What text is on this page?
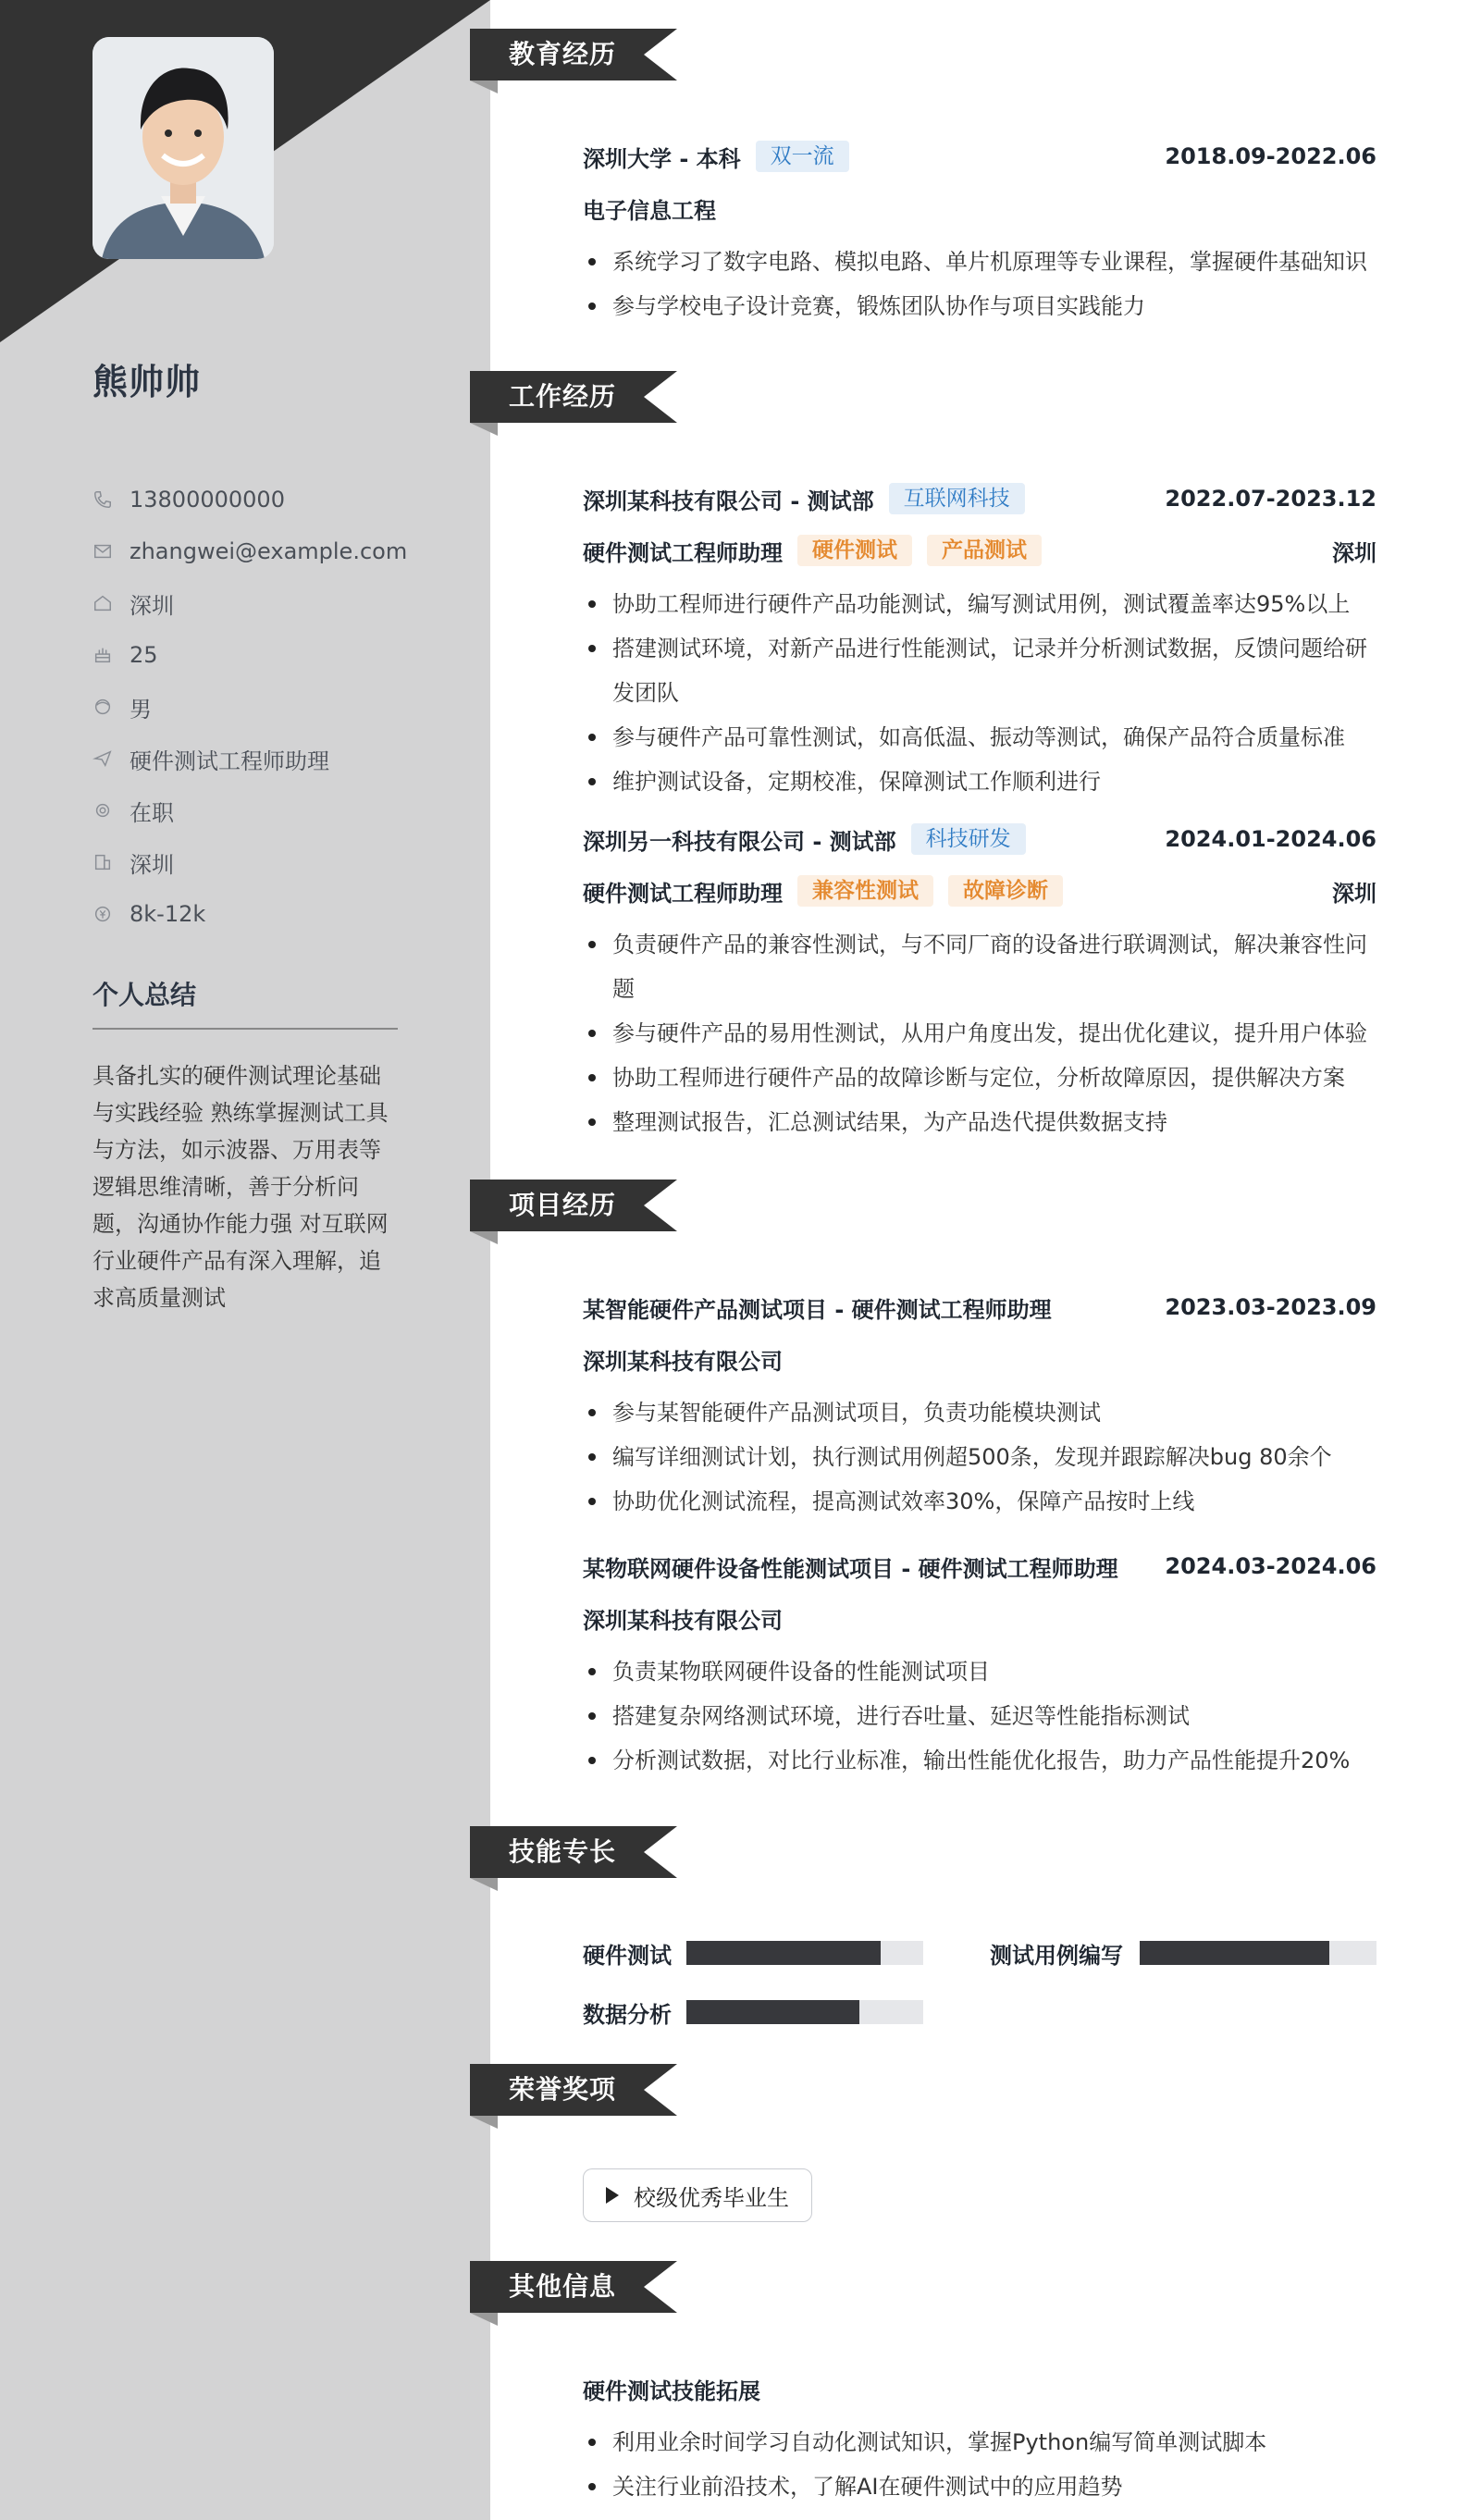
熊帅帅
13800000000
zhangwei@example.com
深圳
25
男
硬件测试工程师助理
在职
深圳
8k-12k
个人总结
具备扎实的硬件测试理论基础与实践经验 熟练掌握测试工具与方法，如示波器、万用表等 逻辑思维清晰，善于分析问题，沟通协作能力强 对互联网行业硬件产品有深入理解，追求高质量测试
教育经历
深圳大学 - 本科	双一流	2018.09-2022.06
电子信息工程
系统学习了数字电路、模拟电路、单片机原理等专业课程，掌握硬件基础知识
参与学校电子设计竞赛，锻炼团队协作与项目实践能力
工作经历
深圳某科技有限公司 - 测试部	互联网科技	2022.07-2023.12
硬件测试工程师助理	硬件测试	产品测试	深圳
协助工程师进行硬件产品功能测试，编写测试用例，测试覆盖率达95%以上
搭建测试环境，对新产品进行性能测试，记录并分析测试数据，反馈问题给研发团队
参与硬件产品可靠性测试，如高低温、振动等测试，确保产品符合质量标准
维护测试设备，定期校准，保障测试工作顺利进行
深圳另一科技有限公司 - 测试部	科技研发	2024.01-2024.06
硬件测试工程师助理	兼容性测试	故障诊断	深圳
负责硬件产品的兼容性测试，与不同厂商的设备进行联调测试，解决兼容性问题
参与硬件产品的易用性测试，从用户角度出发，提出优化建议，提升用户体验
协助工程师进行硬件产品的故障诊断与定位，分析故障原因，提供解决方案
整理测试报告，汇总测试结果，为产品迭代提供数据支持
项目经历
某智能硬件产品测试项目 - 硬件测试工程师助理	2023.03-2023.09
深圳某科技有限公司
参与某智能硬件产品测试项目，负责功能模块测试
编写详细测试计划，执行测试用例超500条，发现并跟踪解决bug 80余个
协助优化测试流程，提高测试效率30%，保障产品按时上线
某物联网硬件设备性能测试项目 - 硬件测试工程师助理 2024.03-2024.06
深圳某科技有限公司
负责某物联网硬件设备的性能测试项目
搭建复杂网络测试环境，进行吞吐量、延迟等性能指标测试
分析测试数据，对比行业标准，输出性能优化报告，助力产品性能提升20%
技能专长
硬件测试	测试用例编写
数据分析
荣誉奖项
校级优秀毕业生
其他信息
硬件测试技能拓展
利用业余时间学习自动化测试知识，掌握Python编写简单测试脚本
关注行业前沿技术，了解AI在硬件测试中的应用趋势
